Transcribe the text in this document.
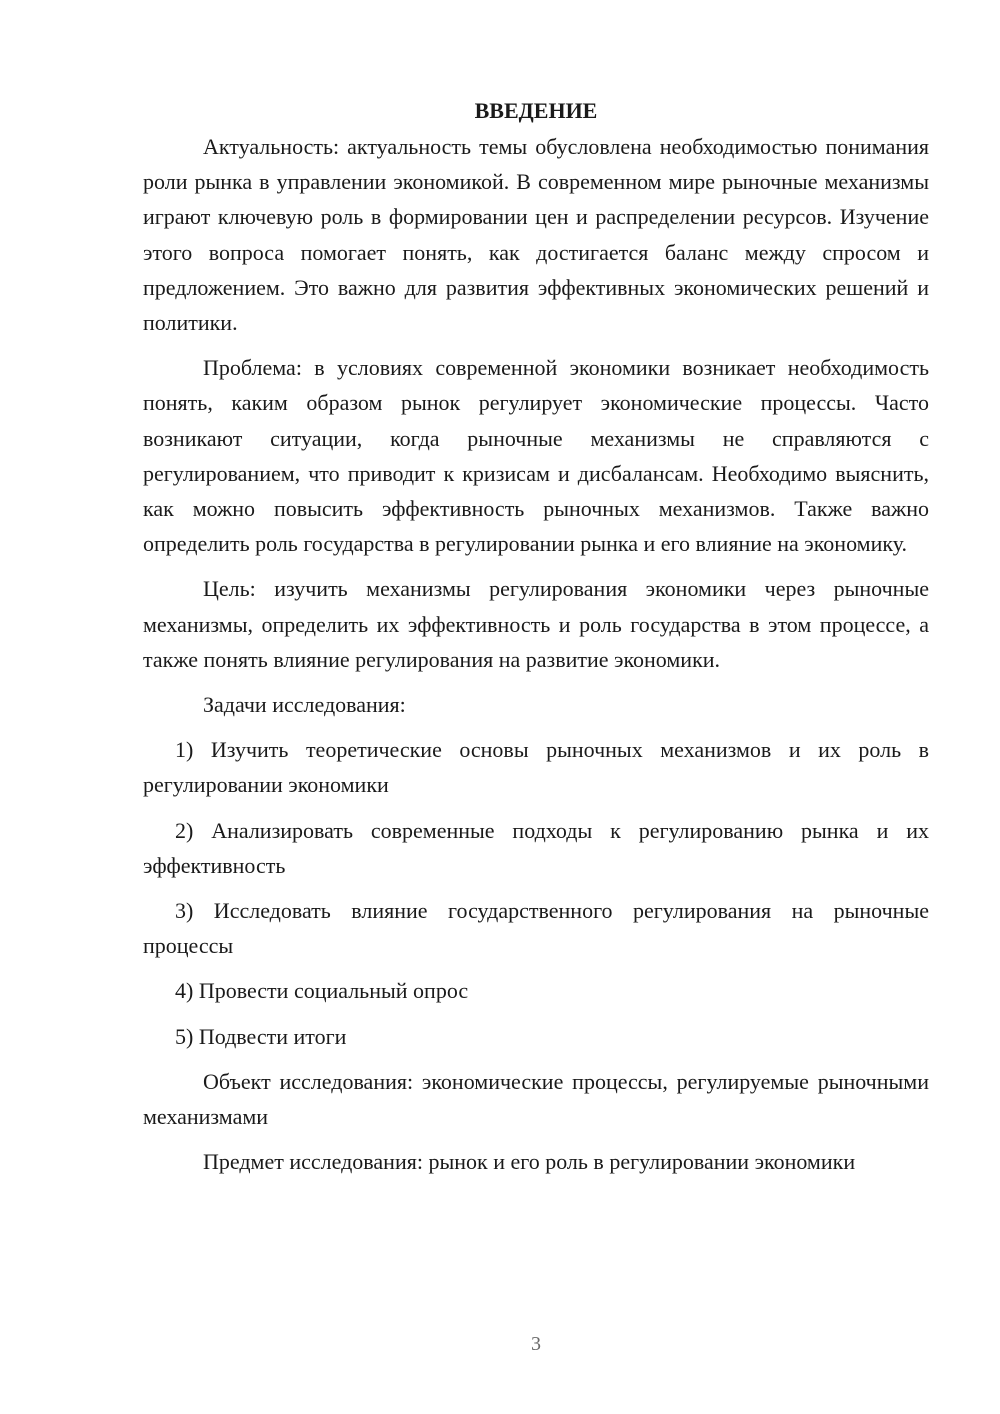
ВВЕДЕНИЕ

Актуальность: актуальность темы обусловлена необходимостью понимания роли рынка в управлении экономикой. В современном мире рыночные механизмы играют ключевую роль в формировании цен и распределении ресурсов. Изучение этого вопроса помогает понять, как достигается баланс между спросом и предложением. Это важно для развития эффективных экономических решений и политики.

Проблема: в условиях современной экономики возникает необходимость понять, каким образом рынок регулирует экономические процессы. Часто возникают ситуации, когда рыночные механизмы не справляются с регулированием, что приводит к кризисам и дисбалансам. Необходимо выяснить, как можно повысить эффективность рыночных механизмов. Также важно определить роль государства в регулировании рынка и его влияние на экономику.

Цель: изучить механизмы регулирования экономики через рыночные механизмы, определить их эффективность и роль государства в этом процессе, а также понять влияние регулирования на развитие экономики.

Задачи исследования:

1) Изучить теоретические основы рыночных механизмов и их роль в регулировании экономики

2) Анализировать современные подходы к регулированию рынка и их эффективность

3) Исследовать влияние государственного регулирования на рыночные процессы

4) Провести социальный опрос

5) Подвести итоги

Объект исследования: экономические процессы, регулируемые рыночными механизмами

Предмет исследования: рынок и его роль в регулировании экономики

3
